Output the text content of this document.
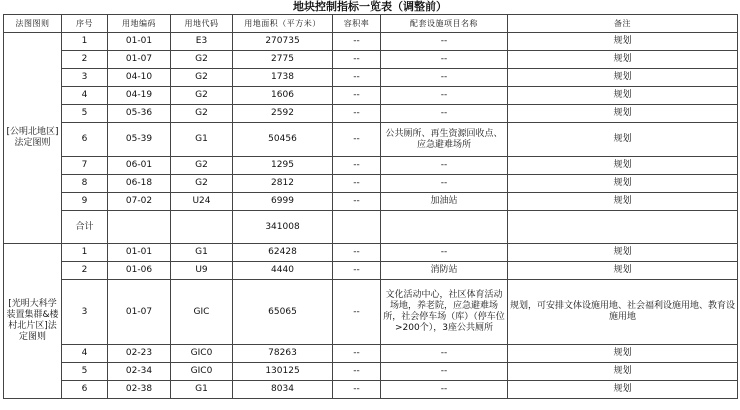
地块控制指标一览表（调整前）
法图图则	序号	用地编码	用地代码	用地面积（平方米）	容积率	配套设施项目名称	备注
[公明北地区]法定图则	1	01-01	E3	270735	--	--	规划
	2	01-07	G2	2775	--	--	规划
	3	04-10	G2	1738	--	--	规划
	4	04-19	G2	1606	--	--	规划
	5	05-36	G2	2592	--	--	规划
	6	05-39	G1	50456	--	公共厕所、再生资源回收点、应急避难场所	规划
	7	06-01	G2	1295	--	--	规划
	8	06-18	G2	2812	--	--	规划
	9	07-02	U24	6999	--	加油站	规划
	合计			341008			
[光明大科学装置集群&楼村北片区]法定图则	1	01-01	G1	62428	--	--	规划
	2	01-06	U9	4440	--	消防站	规划
	3	01-07	GIC	65065	--	文化活动中心，社区体育活动场地，养老院，应急避难场所，社会停车场（库）（停车位>200个），3座公共厕所	规划，可安排文体设施用地、社会福利设施用地、教育设施用地
	4	02-23	GIC0	78263	--	--	规划
	5	02-34	GIC0	130125	--	--	规划
	6	02-38	G1	8034	--	--	规划
